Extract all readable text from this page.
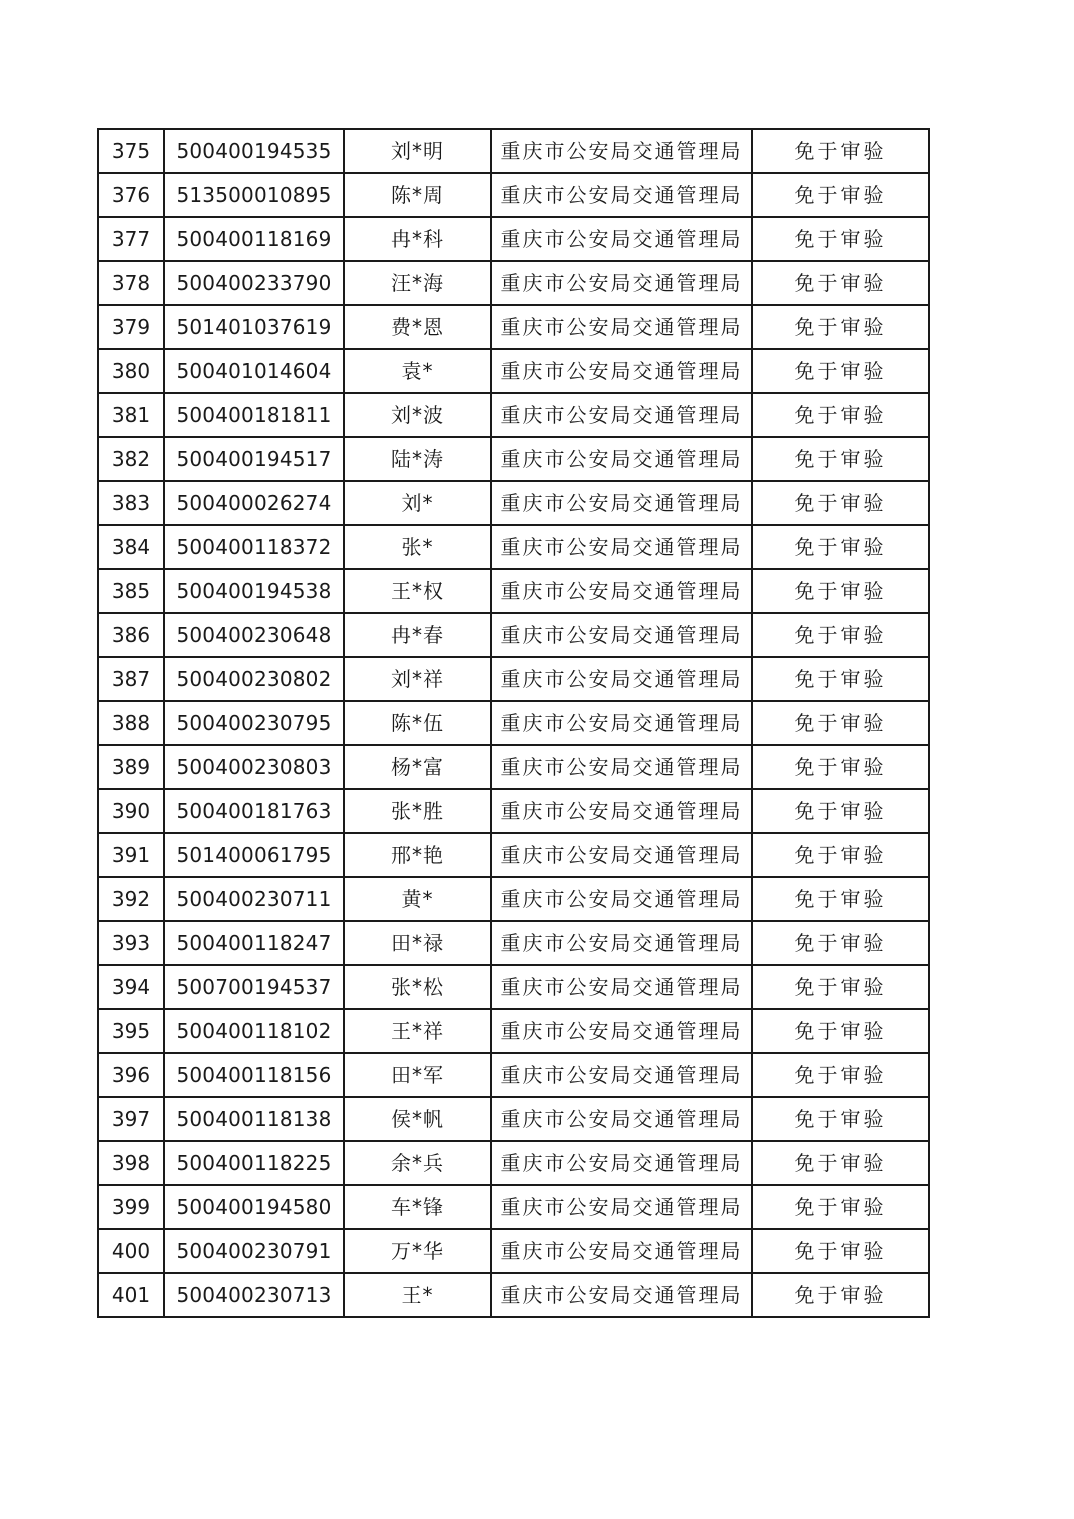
375	500400194535	刘*明	重庆市公安局交通管理局	免于审验
376	513500010895	陈*周	重庆市公安局交通管理局	免于审验
377	500400118169	冉*科	重庆市公安局交通管理局	免于审验
378	500400233790	汪*海	重庆市公安局交通管理局	免于审验
379	501401037619	费*恩	重庆市公安局交通管理局	免于审验
380	500401014604	袁*	重庆市公安局交通管理局	免于审验
381	500400181811	刘*波	重庆市公安局交通管理局	免于审验
382	500400194517	陆*涛	重庆市公安局交通管理局	免于审验
383	500400026274	刘*	重庆市公安局交通管理局	免于审验
384	500400118372	张*	重庆市公安局交通管理局	免于审验
385	500400194538	王*权	重庆市公安局交通管理局	免于审验
386	500400230648	冉*春	重庆市公安局交通管理局	免于审验
387	500400230802	刘*祥	重庆市公安局交通管理局	免于审验
388	500400230795	陈*伍	重庆市公安局交通管理局	免于审验
389	500400230803	杨*富	重庆市公安局交通管理局	免于审验
390	500400181763	张*胜	重庆市公安局交通管理局	免于审验
391	501400061795	邢*艳	重庆市公安局交通管理局	免于审验
392	500400230711	黄*	重庆市公安局交通管理局	免于审验
393	500400118247	田*禄	重庆市公安局交通管理局	免于审验
394	500700194537	张*松	重庆市公安局交通管理局	免于审验
395	500400118102	王*祥	重庆市公安局交通管理局	免于审验
396	500400118156	田*军	重庆市公安局交通管理局	免于审验
397	500400118138	侯*帆	重庆市公安局交通管理局	免于审验
398	500400118225	余*兵	重庆市公安局交通管理局	免于审验
399	500400194580	车*锋	重庆市公安局交通管理局	免于审验
400	500400230791	万*华	重庆市公安局交通管理局	免于审验
401	500400230713	王*	重庆市公安局交通管理局	免于审验
